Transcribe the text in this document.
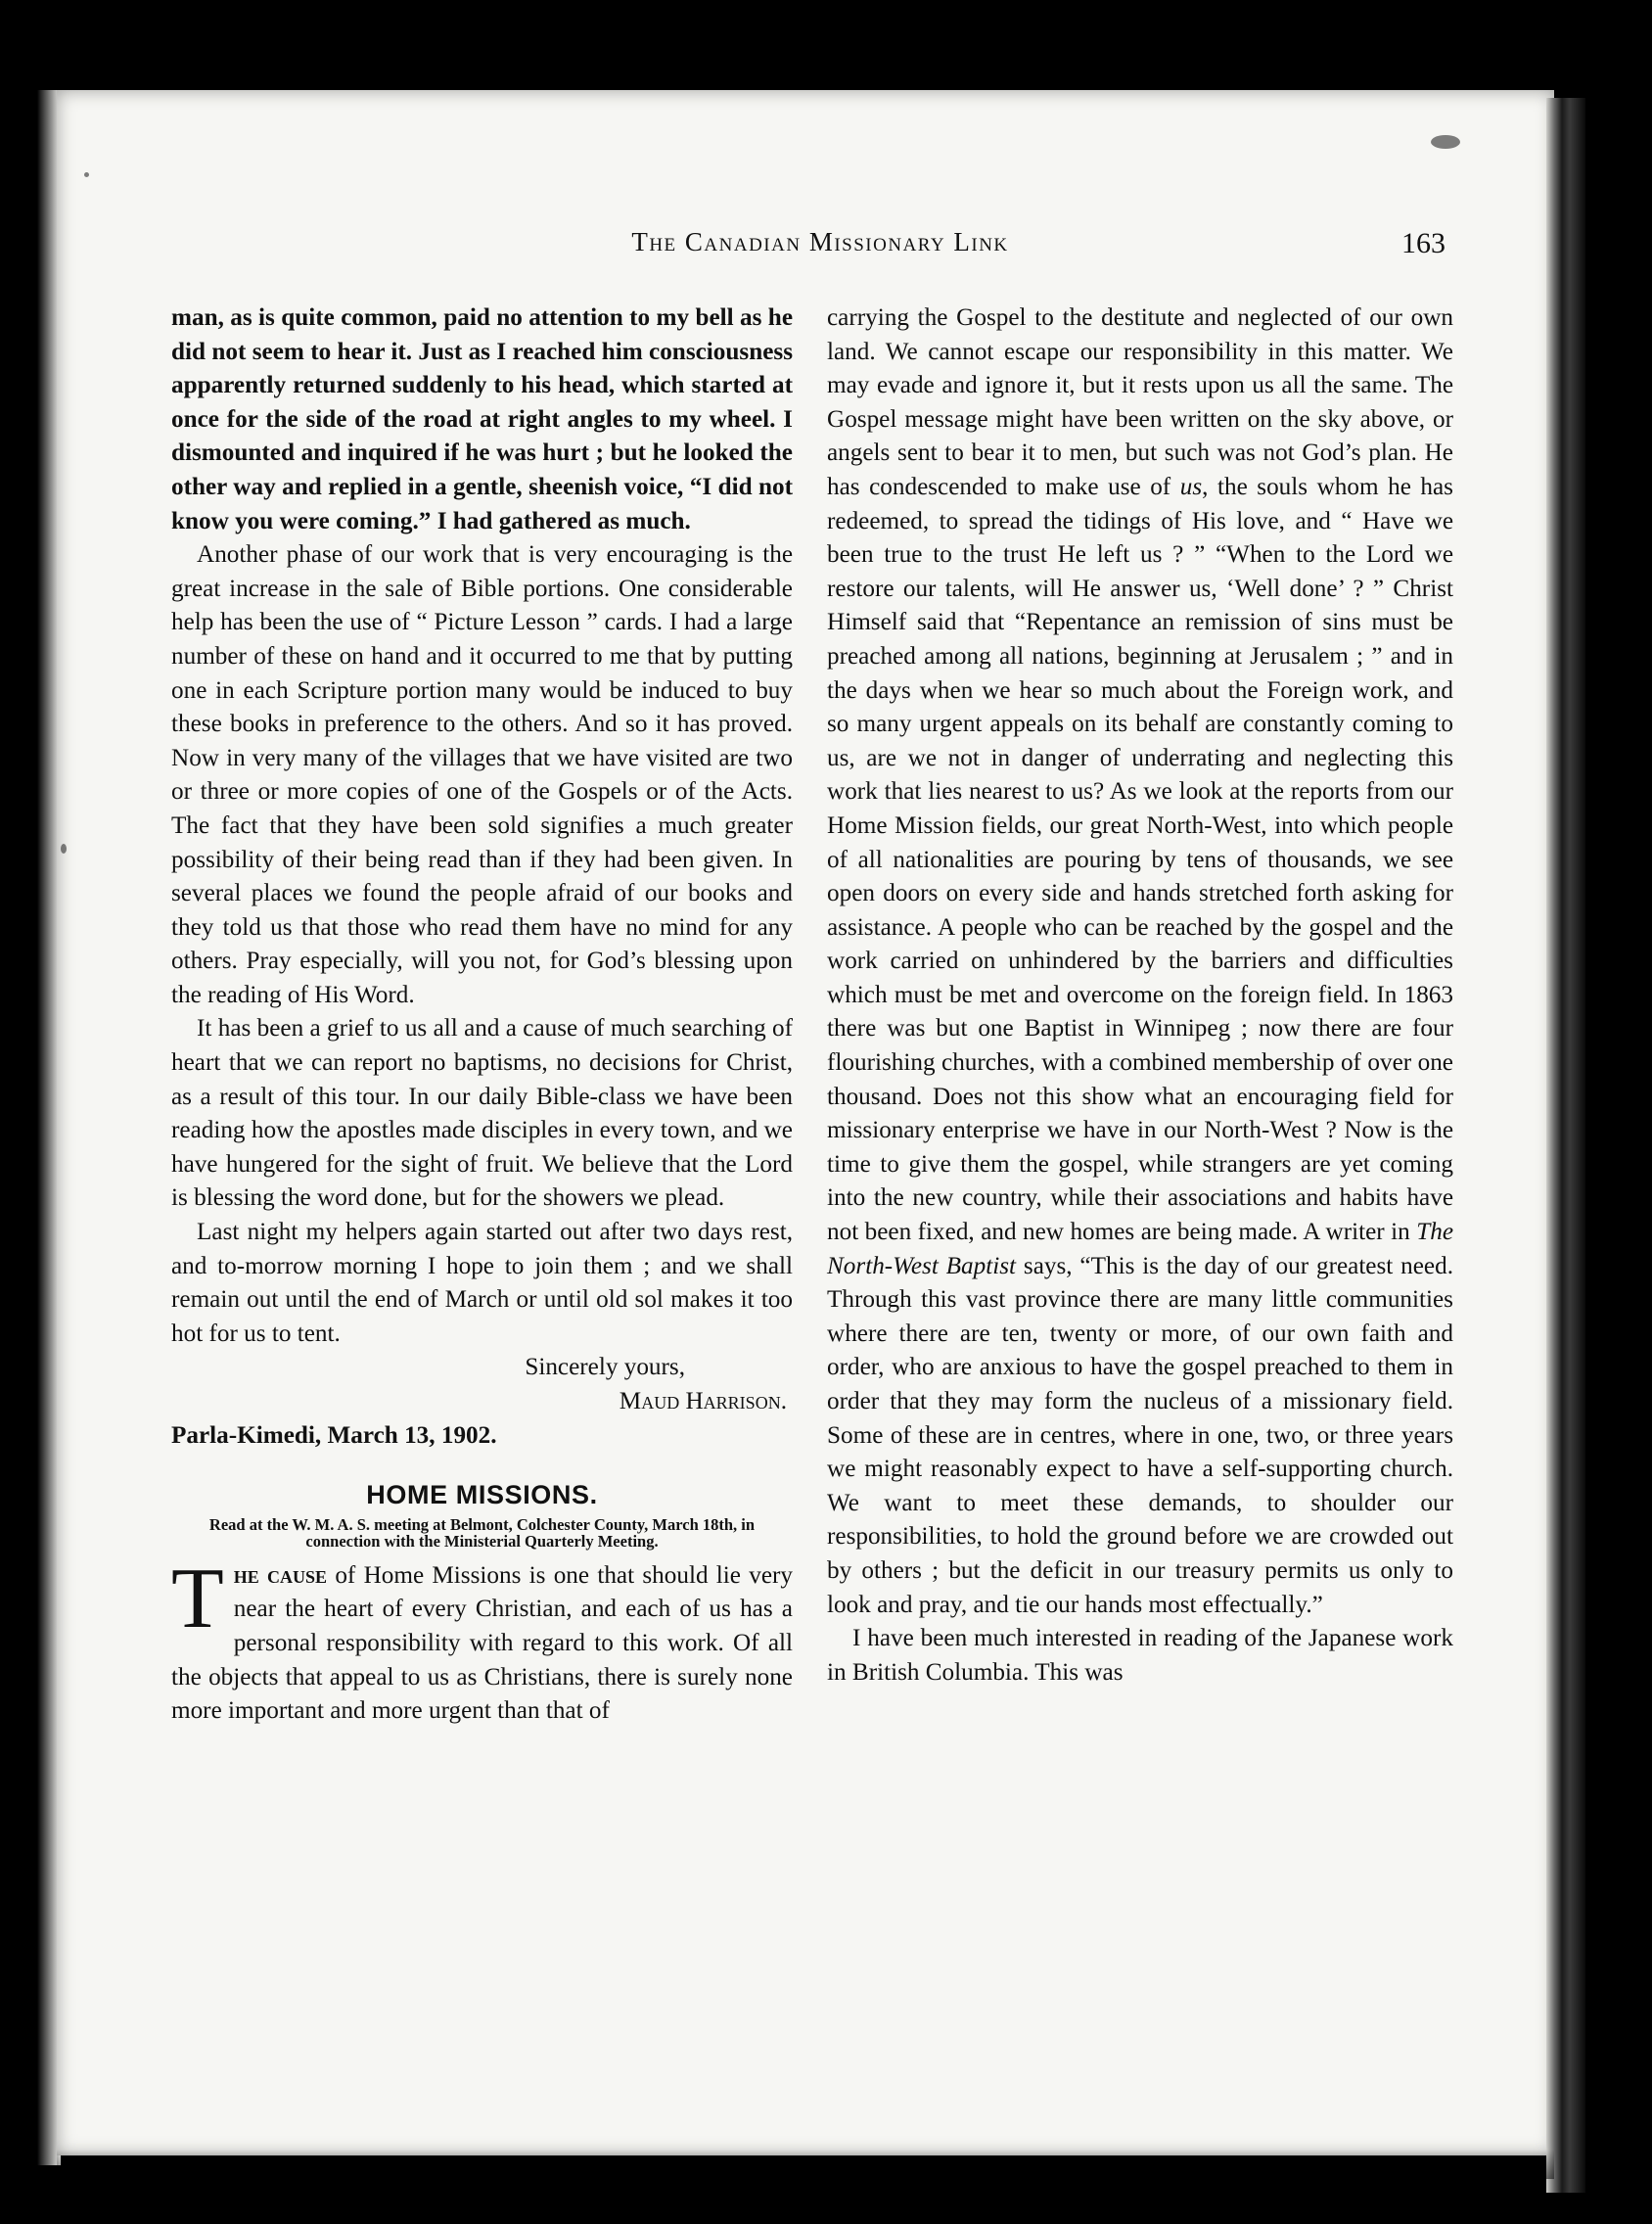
The Canadian Missionary Link	163

man, as is quite common, paid no attention to my bell as he did not seem to hear it. Just as I reached him consciousness apparently returned suddenly to his head, which started at once for the side of the road at right angles to my wheel. I dismounted and inquired if he was hurt ; but he looked the other way and replied in a gentle, sheenish voice, “I did not know you were coming.” I had gathered as much.

Another phase of our work that is very encouraging is the great increase in the sale of Bible portions. One considerable help has been the use of “ Picture Lesson ” cards. I had a large number of these on hand and it occurred to me that by putting one in each Scripture portion many would be induced to buy these books in preference to the others. And so it has proved. Now in very many of the villages that we have visited are two or three or more copies of one of the Gospels or of the Acts. The fact that they have been sold signifies a much greater possibility of their being read than if they had been given. In several places we found the people afraid of our books and they told us that those who read them have no mind for any others. Pray especially, will you not, for God’s blessing upon the reading of His Word.

It has been a grief to us all and a cause of much searching of heart that we can report no baptisms, no decisions for Christ, as a result of this tour. In our daily Bible-class we have been reading how the apostles made disciples in every town, and we have hungered for the sight of fruit. We believe that the Lord is blessing the word done, but for the showers we plead.

Last night my helpers again started out after two days rest, and to-morrow morning I hope to join them ; and we shall remain out until the end of March or until old sol makes it too hot for us to tent.

Sincerely yours,

Maud Harrison.

Parla-Kimedi, March 13, 1902.

HOME MISSIONS.
Read at the W. M. A. S. meeting at Belmont, Colchester County, March 18th, in connection with the Ministerial Quarterly Meeting.

The cause of Home Missions is one that should lie very near the heart of every Christian, and each of us has a personal responsibility with regard to this work. Of all the objects that appeal to us as Christians, there is surely none more important and more urgent than that of

carrying the Gospel to the destitute and neglected of our own land. We cannot escape our responsibility in this matter. We may evade and ignore it, but it rests upon us all the same. The Gospel message might have been written on the sky above, or angels sent to bear it to men, but such was not God’s plan. He has condescended to make use of us, the souls whom he has redeemed, to spread the tidings of His love, and “ Have we been true to the trust He left us ? ” “When to the Lord we restore our talents, will He answer us, ‘Well done’ ? ” Christ Himself said that “Repentance an remission of sins must be preached among all nations, beginning at Jerusalem ; ” and in the days when we hear so much about the Foreign work, and so many urgent appeals on its behalf are constantly coming to us, are we not in danger of underrating and neglecting this work that lies nearest to us? As we look at the reports from our Home Mission fields, our great North-West, into which people of all nationalities are pouring by tens of thousands, we see open doors on every side and hands stretched forth asking for assistance. A people who can be reached by the gospel and the work carried on unhindered by the barriers and difficulties which must be met and overcome on the foreign field. In 1863 there was but one Baptist in Winnipeg ; now there are four flourishing churches, with a combined membership of over one thousand. Does not this show what an encouraging field for missionary enterprise we have in our North-West ? Now is the time to give them the gospel, while strangers are yet coming into the new country, while their associations and habits have not been fixed, and new homes are being made. A writer in The North-West Baptist says, “This is the day of our greatest need. Through this vast province there are many little communities where there are ten, twenty or more, of our own faith and order, who are anxious to have the gospel preached to them in order that they may form the nucleus of a missionary field. Some of these are in centres, where in one, two, or three years we might reasonably expect to have a self-supporting church. We want to meet these demands, to shoulder our responsibilities, to hold the ground before we are crowded out by others ; but the deficit in our treasury permits us only to look and pray, and tie our hands most effectually.”

I have been much interested in reading of the Japanese work in British Columbia. This was
